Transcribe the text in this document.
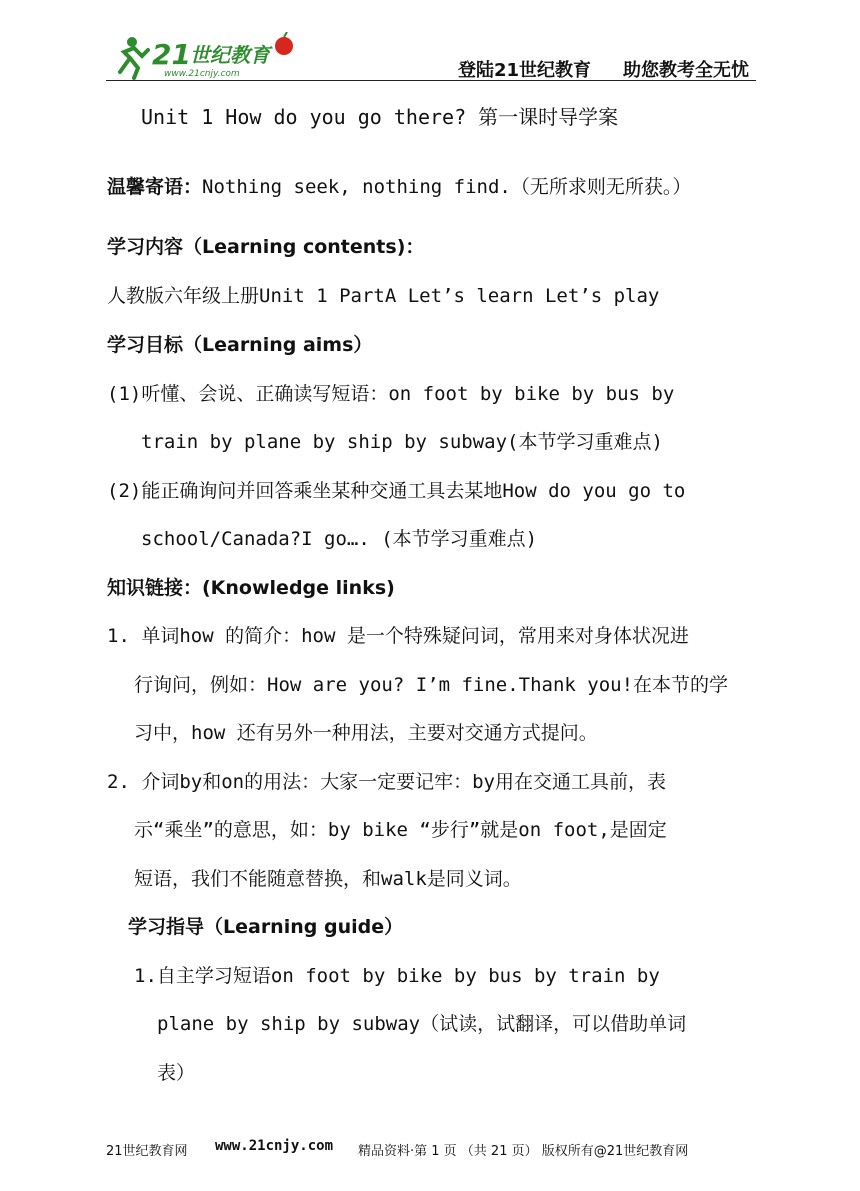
21 世纪教育
www.21cnjy.com	登陆21世纪教育 助您教考全无忧
Unit 1 How do you go there? 第一课时导学案
温馨寄语：Nothing seek, nothing find.（无所求则无所获。）
学习内容（Learning contents)：
人教版六年级上册Unit 1 PartA Let’s learn Let’s play
学习目标（Learning aims）
(1)听懂、会说、正确读写短语：on foot by bike by bus by
train by plane by ship by subway(本节学习重难点)
(2)能正确询问并回答乘坐某种交通工具去某地How do you go to
school/Canada?I go…. (本节学习重难点)
知识链接：(Knowledge links)
1. 单词how 的简介：how 是一个特殊疑问词，常用来对身体状况进
行询问，例如：How are you? I’m fine.Thank you!在本节的学
习中，how 还有另外一种用法，主要对交通方式提问。
2. 介词by和on的用法：大家一定要记牢：by用在交通工具前，表
示“乘坐”的意思，如：by bike “步行”就是on foot,是固定
短语，我们不能随意替换，和walk是同义词。
学习指导（Learning guide）
1.自主学习短语on foot by bike by bus by train by
plane by ship by subway（试读，试翻译，可以借助单词
表）
21世纪教育网 www.21cnjy.com 精品资料·第 1 页 （共 21 页） 版权所有@21世纪教育网
